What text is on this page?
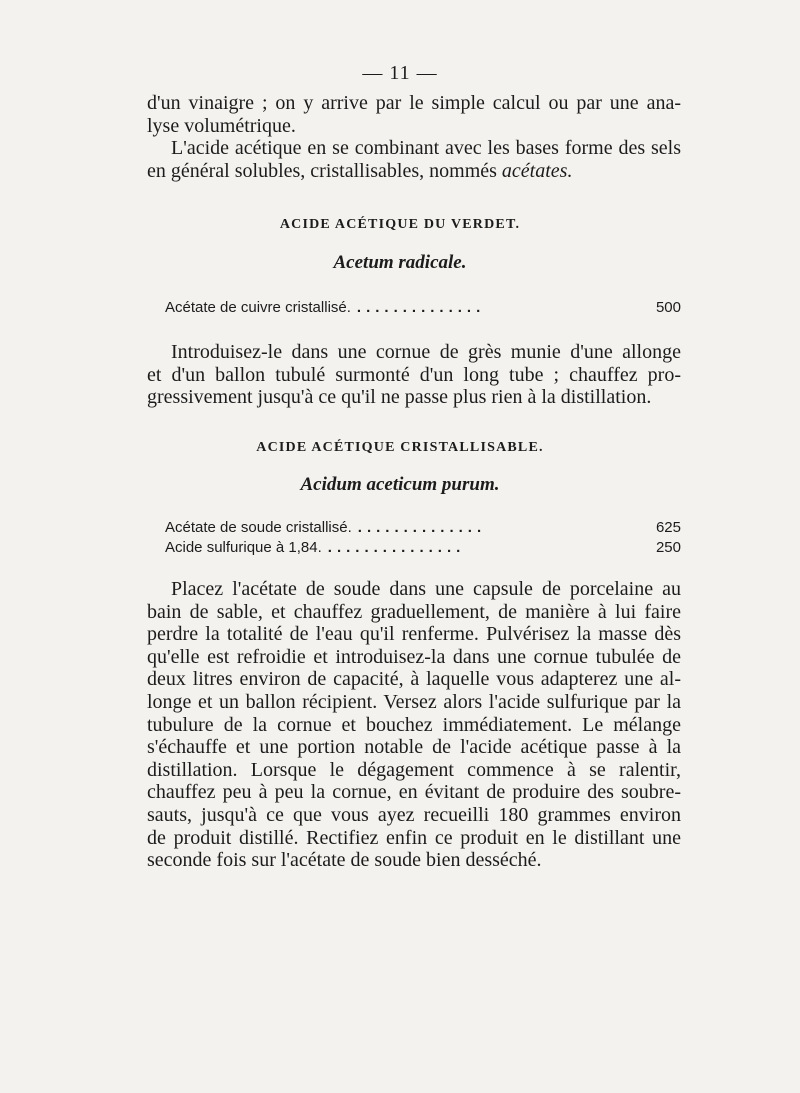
— 11 —
d'un vinaigre ; on y arrive par le simple calcul ou par une ana-
lyse volumétrique.
L'acide acétique en se combinant avec les bases forme des sels
en général solubles, cristallisables, nommés acétates.
ACIDE ACÉTIQUE DU VERDET.
Acetum radicale.
Acétate de cuivre cristallisé. ..............	500
Introduisez-le dans une cornue de grès munie d'une allonge
et d'un ballon tubulé surmonté d'un long tube ; chauffez pro-
gressivement jusqu'à ce qu'il ne passe plus rien à la distillation.
ACIDE ACÉTIQUE CRISTALLISABLE.
Acidum aceticum purum.
Acétate de soude cristallisé. ..............	625
Acide sulfurique à 1,84. ...............	250
Placez l'acétate de soude dans une capsule de porcelaine au
bain de sable, et chauffez graduellement, de manière à lui faire
perdre la totalité de l'eau qu'il renferme. Pulvérisez la masse dès
qu'elle est refroidie et introduisez-la dans une cornue tubulée de
deux litres environ de capacité, à laquelle vous adapterez une al-
longe et un ballon récipient. Versez alors l'acide sulfurique par la
tubulure de la cornue et bouchez immédiatement. Le mélange
s'échauffe et une portion notable de l'acide acétique passe à la
distillation. Lorsque le dégagement commence à se ralentir,
chauffez peu à peu la cornue, en évitant de produire des soubre-
sauts, jusqu'à ce que vous ayez recueilli 180 grammes environ
de produit distillé. Rectifiez enfin ce produit en le distillant une
seconde fois sur l'acétate de soude bien desséché.
